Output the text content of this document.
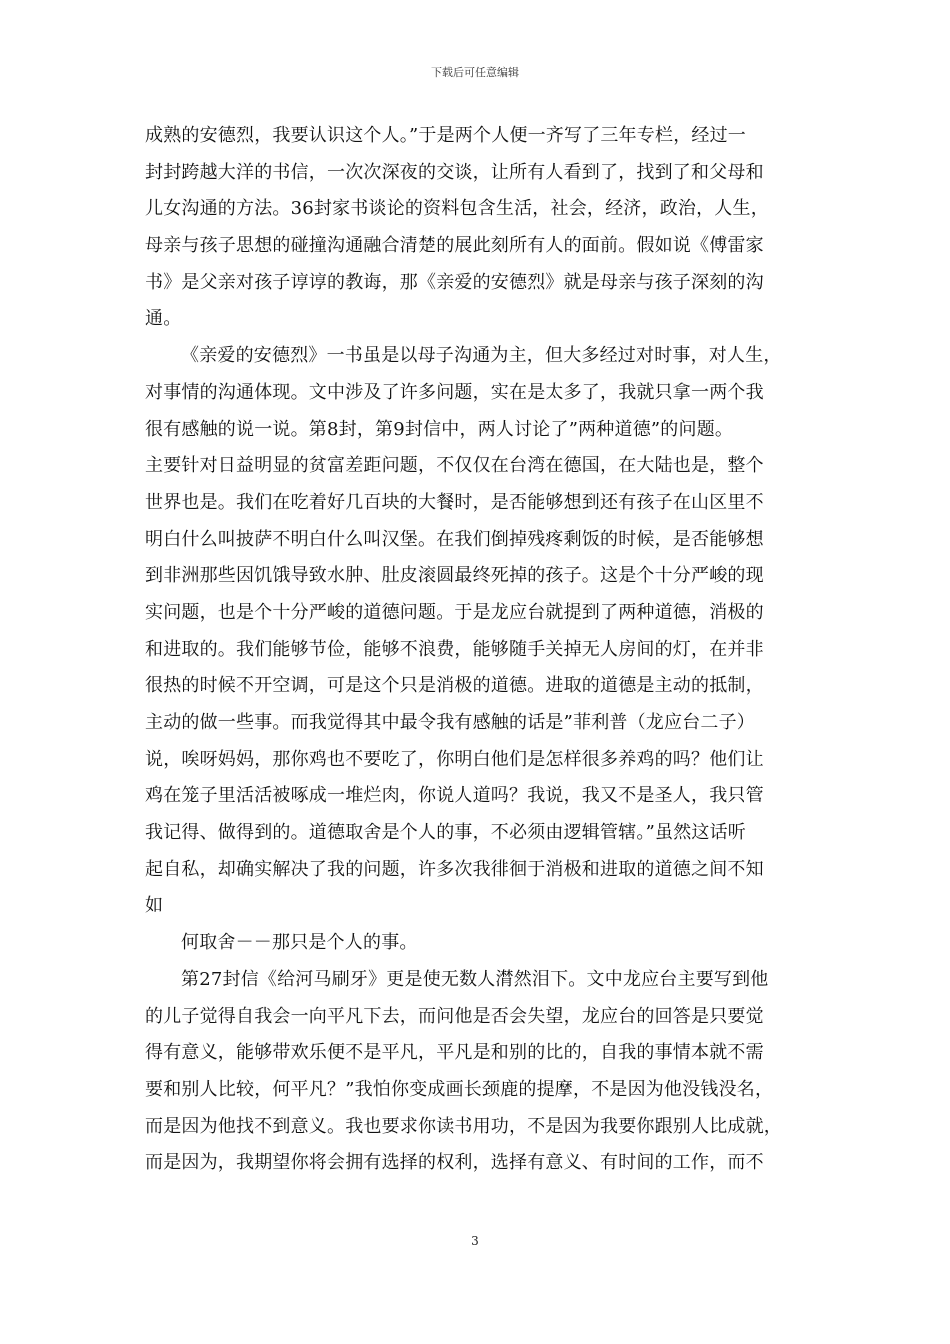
下载后可任意编辑
成熟的安德烈，我要认识这个人。”于是两个人便一齐写了三年专栏，经过一
封封跨越大洋的书信，一次次深夜的交谈，让所有人看到了，找到了和父母和
儿女沟通的方法。36封家书谈论的资料包含生活，社会，经济，政治，人生，
母亲与孩子思想的碰撞沟通融合清楚的展此刻所有人的面前。假如说《傅雷家
书》是父亲对孩子谆谆的教诲，那《亲爱的安德烈》就是母亲与孩子深刻的沟
通。
《亲爱的安德烈》一书虽是以母子沟通为主，但大多经过对时事，对人生，
对事情的沟通体现。文中涉及了许多问题，实在是太多了，我就只拿一两个我
很有感触的说一说。第8封，第9封信中，两人讨论了”两种道德”的问题。
主要针对日益明显的贫富差距问题，不仅仅在台湾在德国，在大陆也是，整个
世界也是。我们在吃着好几百块的大餐时，是否能够想到还有孩子在山区里不
明白什么叫披萨不明白什么叫汉堡。在我们倒掉残疼剩饭的时候，是否能够想
到非洲那些因饥饿导致水肿、肚皮滚圆最终死掉的孩子。这是个十分严峻的现
实问题，也是个十分严峻的道德问题。于是龙应台就提到了两种道德，消极的
和进取的。我们能够节俭，能够不浪费，能够随手关掉无人房间的灯，在并非
很热的时候不开空调，可是这个只是消极的道德。进取的道德是主动的抵制，
主动的做一些事。而我觉得其中最令我有感触的话是”菲利普（龙应台二子）
说，唉呀妈妈，那你鸡也不要吃了，你明白他们是怎样很多养鸡的吗？他们让
鸡在笼子里活活被啄成一堆烂肉，你说人道吗？我说，我又不是圣人，我只管
我记得、做得到的。道德取舍是个人的事，不必须由逻辑管辖。”虽然这话听
起自私，却确实解决了我的问题，许多次我徘徊于消极和进取的道德之间不知
如
何取舍－－那只是个人的事。
第27封信《给河马刷牙》更是使无数人潸然泪下。文中龙应台主要写到他
的儿子觉得自我会一向平凡下去，而问他是否会失望，龙应台的回答是只要觉
得有意义，能够带欢乐便不是平凡，平凡是和别的比的，自我的事情本就不需
要和别人比较，何平凡？”我怕你变成画长颈鹿的提摩，不是因为他没钱没名，
而是因为他找不到意义。我也要求你读书用功，不是因为我要你跟别人比成就，
而是因为，我期望你将会拥有选择的权利，选择有意义、有时间的工作，而不
3
